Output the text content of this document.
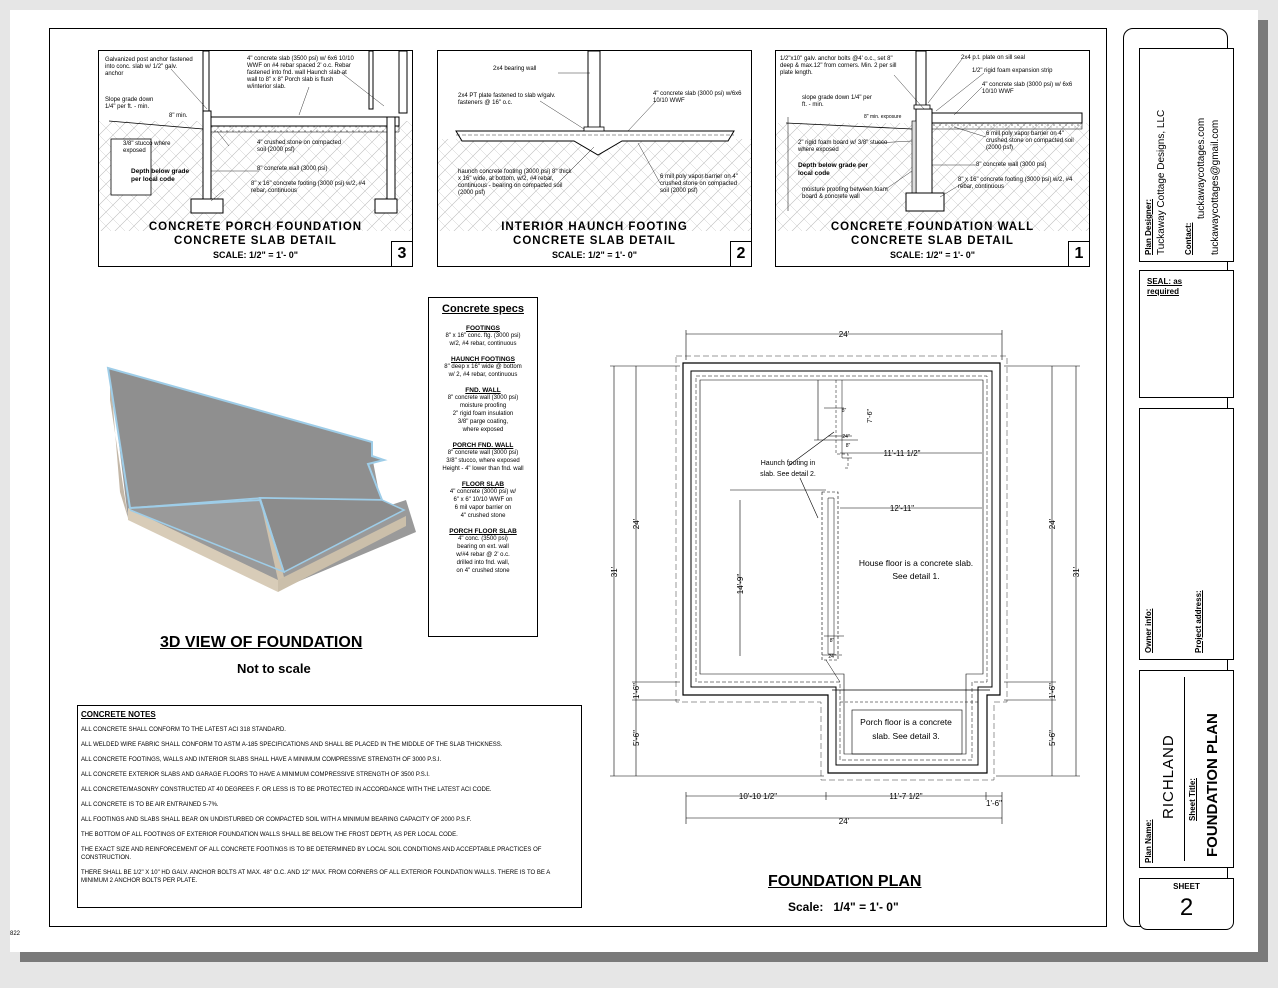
Galvanized post anchor fastened into conc. slab w/ 1/2" galv. anchor
4" concrete slab (3500 psi) w/ 6x6 10/10 WWF on #4 rebar spaced 2' o.c. Rebar fastened into fnd. wall Haunch slab at wall to 8" x 8" Porch slab is flush w/interior slab.
Slope grade down 1/4" per ft. - min.
8" min.
4" crushed stone on compacted soil (2000 psf)
3/8" stucco where exposed
8" concrete wall (3000 psi)
Depth below grade per local code
8" x 16" concrete footing (3000 psi) w/2, #4 rebar, continuous
CONCRETE PORCH FOUNDATION
CONCRETE SLAB DETAIL
SCALE: 1/2" = 1'- 0"	3
2x4 bearing wall
2x4 PT plate fastened to slab w/galv. fasteners @ 16" o.c.
4" concrete slab (3000 psi) w/6x6 10/10 WWF
haunch concrete footing (3000 psi) 8" thick x 16" wide, at bottom, w/2, #4 rebar, continuous - bearing on compacted soil (2000 psf)
6 mill poly vapor barrier on 4" crushed stone on compacted soil (2000 psf)
INTERIOR HAUNCH FOOTING
CONCRETE SLAB DETAIL
SCALE: 1/2" = 1'- 0"	2
1/2"x10" galv. anchor bolts @4' o.c., set 8" deep & max.12" from corners. Min. 2 per sill plate length.
2x4 p.t. plate on sill seal
1/2" rigid foam expansion strip
slope grade down 1/4" per ft. - min.
4" concrete slab (3000 psi) w/ 6x6 10/10 WWF
8" min. exposure
6 mill poly vapor barrier on 4" crushed stone on compacted soil (2000 psf)
2" rigid foam board w/ 3/8" stucco where exposed
8" concrete wall (3000 psi)
Depth below grade per local code
8" x 16" concrete footing (3000 psi) w/2, #4 rebar, continuous
moisture proofing between foam board & concrete wall
CONCRETE FOUNDATION WALL
CONCRETE SLAB DETAIL
SCALE: 1/2" = 1'- 0"	1
3D VIEW OF FOUNDATION
Not to scale
Concrete specs
FOOTINGS
8" x 16" conc. ftg. (3000 psi)
w/2, #4 rebar, continuous
HAUNCH FOOTINGS
8" deep x 16" wide @ bottom
w/ 2, #4 rebar, continuous
FND. WALL
8" concrete wall (3000 psi)
moisture proofing
2" rigid foam insulation
3/8" parge coating,
where exposed
PORCH FND. WALL
8" concrete wall (3000 psi)
3/8" stucco, where exposed
Height - 4" lower than fnd. wall
FLOOR SLAB
4" concrete (3000 psi) w/
6" x 6" 10/10 WWF on
6 mil vapor barrier on
4" crushed stone
PORCH FLOOR SLAB
4" conc. (3500 psi)
bearing on ext. wall
w/#4 rebar @ 2' o.c.
drilled into fnd. wall,
on 4" crushed stone
CONCRETE NOTES
ALL CONCRETE SHALL CONFORM TO THE LATEST ACI 318 STANDARD.
ALL WELDED WIRE FABRIC SHALL CONFORM TO ASTM A-185 SPECIFICATIONS AND SHALL BE PLACED IN THE MIDDLE OF THE SLAB THICKNESS.
ALL CONCRETE FOOTINGS, WALLS AND INTERIOR SLABS SHALL HAVE A MINIMUM COMPRESSIVE STRENGTH OF 3000 P.S.I.
ALL CONCRETE EXTERIOR SLABS AND GARAGE FLOORS TO HAVE A MINIMUM COMPRESSIVE STRENGTH OF 3500 P.S.I.
ALL CONCRETE/MASONRY CONSTRUCTED AT 40 DEGREES F. OR LESS IS TO BE PROTECTED IN ACCORDANCE WITH THE LATEST ACI CODE.
ALL CONCRETE IS TO BE AIR ENTRAINED 5-7%.
ALL FOOTINGS AND SLABS SHALL BEAR ON UNDISTURBED OR COMPACTED SOIL WITH A MINIMUM BEARING CAPACITY OF 2000 P.S.F.
THE BOTTOM OF ALL FOOTINGS OF EXTERIOR FOUNDATION WALLS SHALL BE BELOW THE FROST DEPTH, AS PER LOCAL CODE.
THE EXACT SIZE AND REINFORCEMENT OF ALL CONCRETE FOOTINGS IS TO BE DETERMINED BY LOCAL SOIL CONDITIONS AND ACCEPTABLE PRACTICES OF CONSTRUCTION.
THERE SHALL BE 1/2" X 10" HD GALV. ANCHOR BOLTS AT MAX. 48" O.C. AND 12" MAX. FROM CORNERS OF ALL EXTERIOR FOUNDATION WALLS. THERE IS TO BE A MINIMUM 2 ANCHOR BOLTS PER PLATE.
24'
24'
10'-10 1/2"	11'-7 1/2"
1'-6"
31'
24'
1'-6"
5'-6"
31'
24'
1'-6"
5'-6"
7'-6"
11'-11 1/2"
12'-11"
14'-9"
8"
24"
8"
8"
24"
Haunch footing in
slab. See detail 2.
House floor is a concrete slab.
See detail 1.
Porch floor is a concrete
slab. See detail 3.
FOUNDATION PLAN
Scale: 1/4" = 1'- 0"
Plan Designer: Tuckaway Cottage Designs, LLC Contact:
tuckawaycottages.com tuckawaycottages@gmail.com
SEAL: as
required
Owner info:	Project address:
Plan Name:
RICHLAND Sheet Title: FOUNDATION PLAN
SHEET
2
822
